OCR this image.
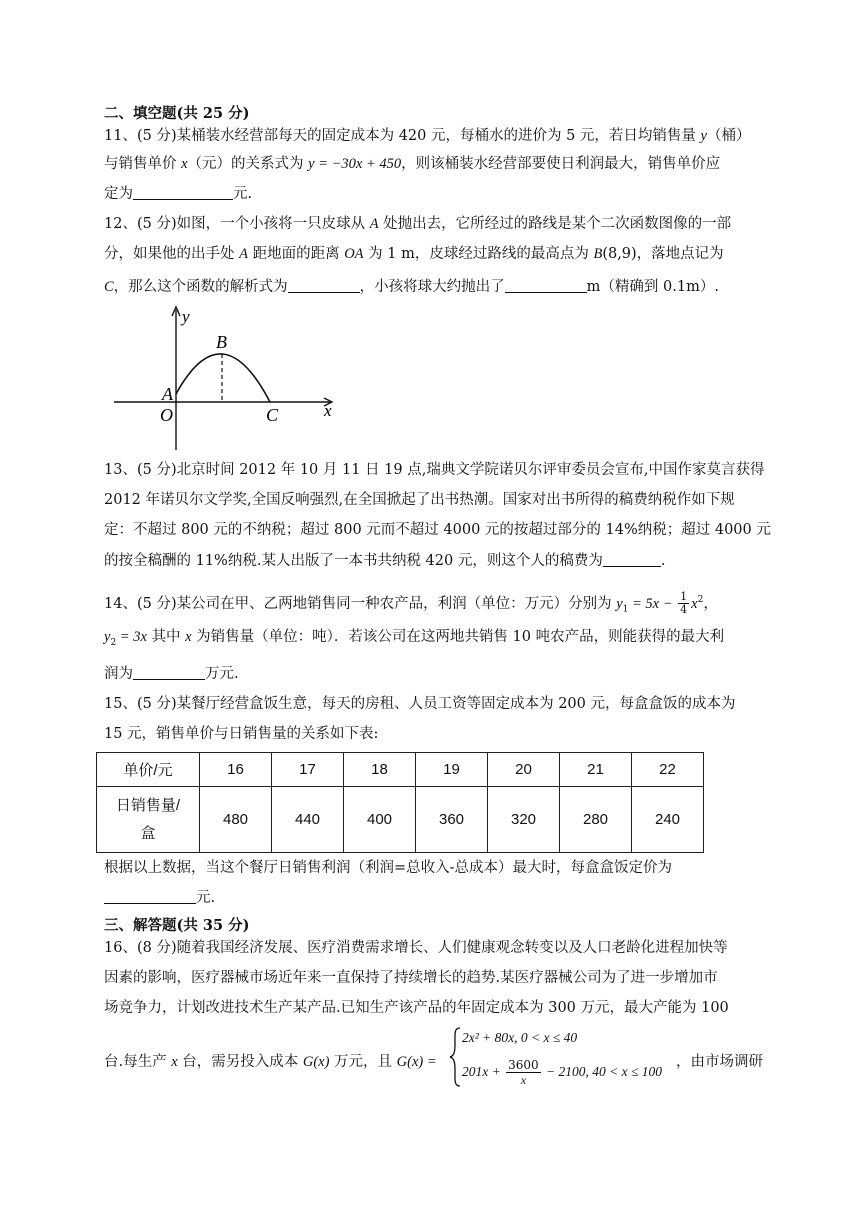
二、填空题(共 25 分)
11、(5 分)某桶装水经营部每天的固定成本为 420 元，每桶水的进价为 5 元，若日均销售量 y（桶）
与销售单价 x（元）的关系式为 y = −30x + 450，则该桶装水经营部要使日利润最大，销售单价应
定为	元.
12、(5 分)如图，一个小孩将一只皮球从 A 处抛出去，它所经过的路线是某个二次函数图像的一部
分，如果他的出手处 A 距地面的距离 OA 为 1 m，皮球经过路线的最高点为 B(8,9)，落地点记为
C，那么这个函数的解析式为	，小孩将球大约抛出了	m（精确到 0.1m）.
y
x
B
A
O	C
13、(5 分)北京时间 2012 年 10 月 11 日 19 点,瑞典文学院诺贝尔评审委员会宣布,中国作家莫言获得
2012 年诺贝尔文学奖,全国反响强烈,在全国掀起了出书热潮。国家对出书所得的稿费纳税作如下规
定：不超过 800 元的不纳税；超过 800 元而不超过 4000 元的按超过部分的 14%纳税；超过 4000 元
的按全稿酬的 11%纳税.某人出版了一本书共纳税 420 元，则这个人的稿费为	.
14、(5 分)某公司在甲、乙两地销售同一种农产品，利润（单位：万元）分别为 $y_1 = 5x - \frac{1}{4} x^2$，
$y_2 = 3x$ 其中 x 为销售量（单位：吨）．若该公司在这两地共销售 10 吨农产品，则能获得的最大利
润为	万元.
15、(5 分)某餐厅经营盒饭生意，每天的房租、人员工资等固定成本为 200 元，每盒盒饭的成本为
15 元，销售单价与日销售量的关系如下表:
单价/元	16	17	18	19	20	21	22
日销售量/
盒	480	440	400	360	320	280	240
根据以上数据，当这个餐厅日销售利润（利润=总收入-总成本）最大时，每盒盒饭定价为
元.
三、解答题(共 35 分)
16、(8 分)随着我国经济发展、医疗消费需求增长、人们健康观念转变以及人口老龄化进程加快等
因素的影响，医疗器械市场近年来一直保持了持续增长的趋势.某医疗器械公司为了进一步增加市
场竞争力，计划改进技术生产某产品.已知生产该产品的年固定成本为 300 万元，最大产能为 100
台.每生产 x 台，需另投入成本 G(x) 万元，且 G(x) =
2x² + 80x, 0 < x ≤ 40
$201x + \frac{3600}{x} - 2100$, 40 < x ≤ 100
，由市场调研
